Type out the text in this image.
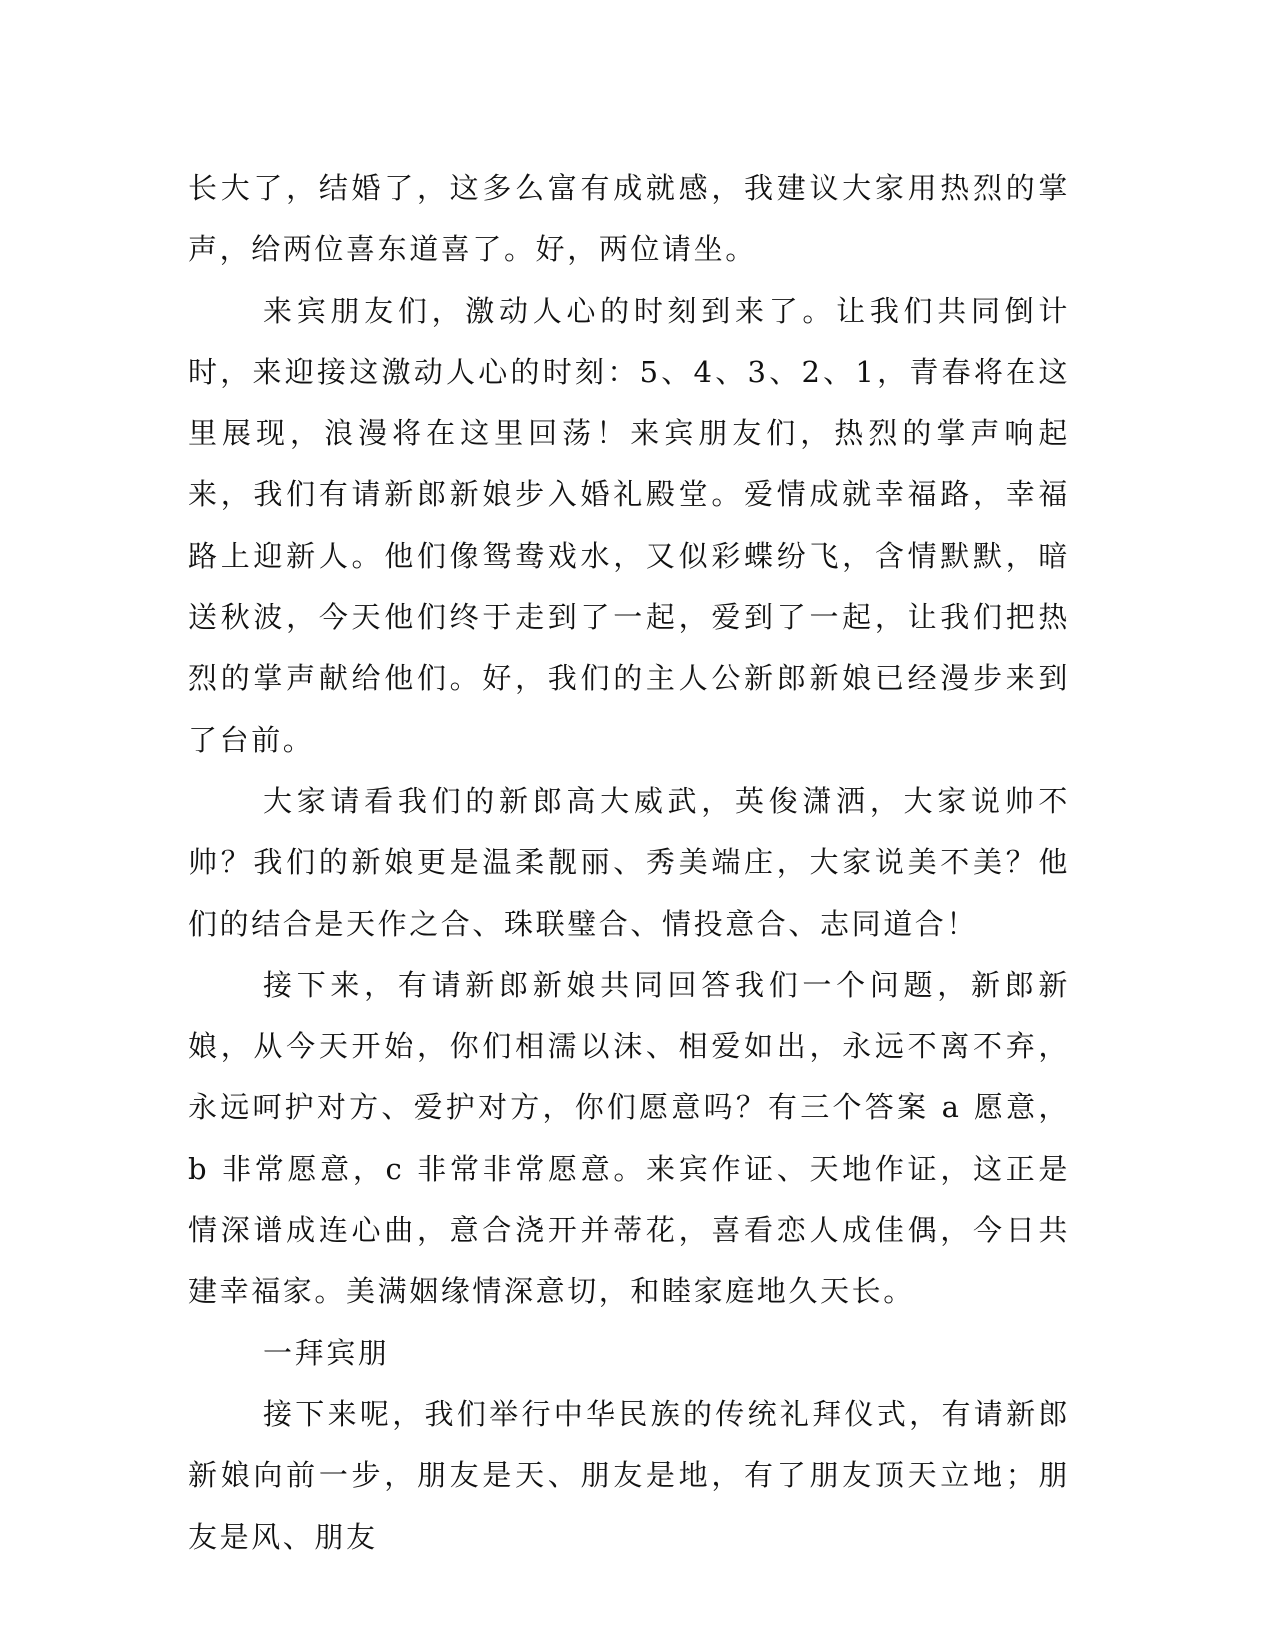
长大了，结婚了，这多么富有成就感，我建议大家用热烈的掌声，给两位喜东道喜了。好，两位请坐。

来宾朋友们，激动人心的时刻到来了。让我们共同倒计时，来迎接这激动人心的时刻：5、4、3、2、1，青春将在这里展现，浪漫将在这里回荡！来宾朋友们，热烈的掌声响起来，我们有请新郎新娘步入婚礼殿堂。爱情成就幸福路，幸福路上迎新人。他们像鸳鸯戏水，又似彩蝶纷飞，含情默默，暗送秋波，今天他们终于走到了一起，爱到了一起，让我们把热烈的掌声献给他们。好，我们的主人公新郎新娘已经漫步来到了台前。

大家请看我们的新郎高大威武，英俊潇洒，大家说帅不帅？我们的新娘更是温柔靓丽、秀美端庄，大家说美不美？他们的结合是天作之合、珠联璧合、情投意合、志同道合！

接下来，有请新郎新娘共同回答我们一个问题，新郎新娘，从今天开始，你们相濡以沫、相爱如出，永远不离不弃，永远呵护对方、爱护对方，你们愿意吗？有三个答案 a 愿意，b 非常愿意，c 非常非常愿意。来宾作证、天地作证，这正是情深谱成连心曲，意合浇开并蒂花，喜看恋人成佳偶，今日共建幸福家。美满姻缘情深意切，和睦家庭地久天长。

一拜宾朋

接下来呢，我们举行中华民族的传统礼拜仪式，有请新郎新娘向前一步，朋友是天、朋友是地，有了朋友顶天立地；朋友是风、朋友
